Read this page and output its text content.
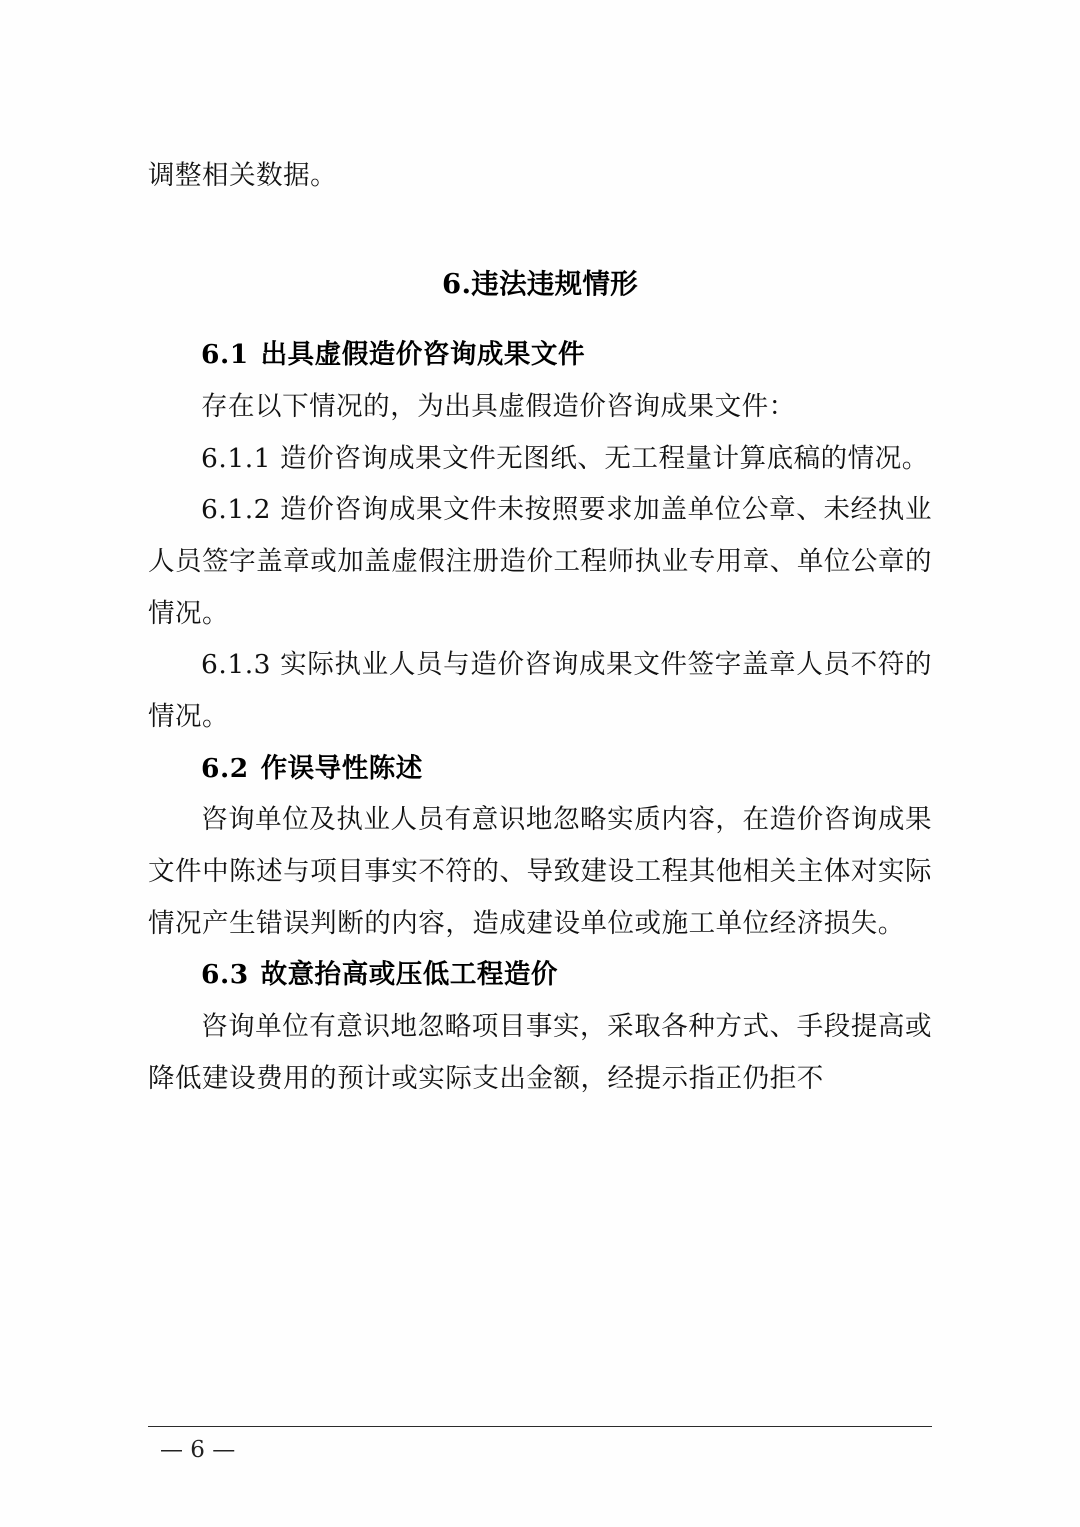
调整相关数据。

6.违法违规情形

6.1 出具虚假造价咨询成果文件

存在以下情况的，为出具虚假造价咨询成果文件：

6.1.1 造价咨询成果文件无图纸、无工程量计算底稿的情况。

6.1.2 造价咨询成果文件未按照要求加盖单位公章、未经执业人员签字盖章或加盖虚假注册造价工程师执业专用章、单位公章的情况。

6.1.3 实际执业人员与造价咨询成果文件签字盖章人员不符的情况。

6.2 作误导性陈述

咨询单位及执业人员有意识地忽略实质内容，在造价咨询成果文件中陈述与项目事实不符的、导致建设工程其他相关主体对实际情况产生错误判断的内容，造成建设单位或施工单位经济损失。

6.3 故意抬高或压低工程造价

咨询单位有意识地忽略项目事实，采取各种方式、手段提高或降低建设费用的预计或实际支出金额，经提示指正仍拒不

— 6 —
